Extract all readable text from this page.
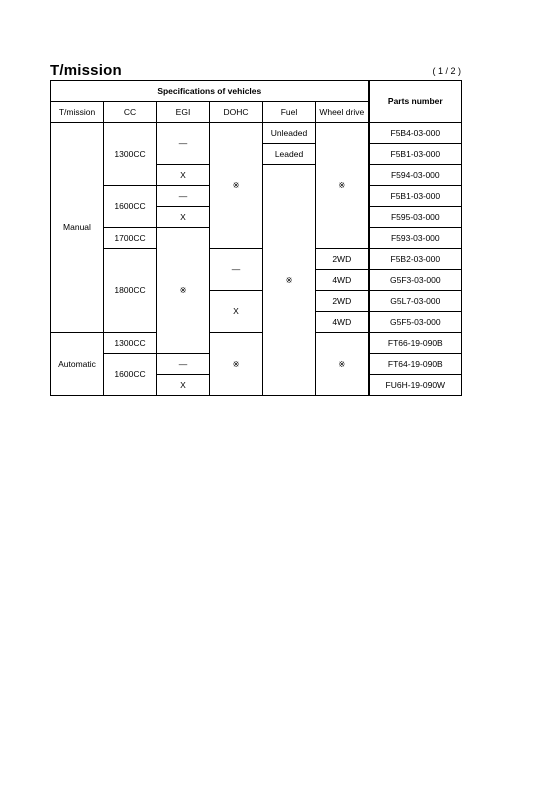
T/mission	( 1 / 2 )
Specifications of vehicles						Parts number
T/mission	CC	EGI	DOHC	Fuel	Wheel drive	
Manual	1300CC	—	※	Unleaded	※	F5B4-03-000
				Leaded		F5B1-03-000
		X		※		F594-03-000
	1600CC	—				F5B1-03-000
		X				F595-03-000
	1700CC	※				F593-03-000
	1800CC		—		2WD	F5B2-03-000
					4WD	G5F3-03-000
			X		2WD	G5L7-03-000
					4WD	G5F5-03-000
Automatic	1300CC		※		※	FT66-19-090B
	1600CC	—				FT64-19-090B
		X				FU6H-19-090W
